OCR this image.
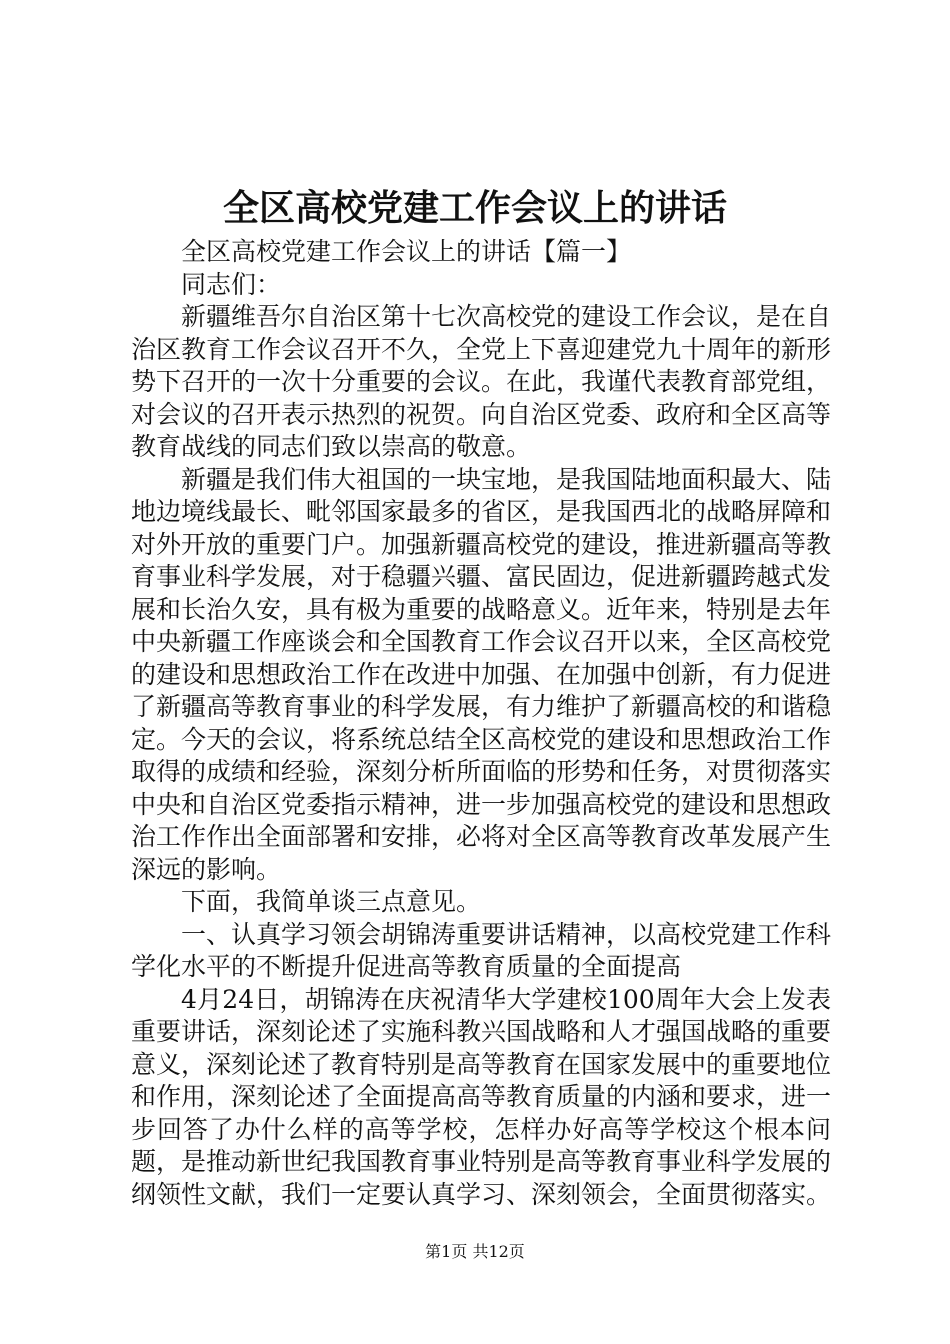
全区高校党建工作会议上的讲话

全区高校党建工作会议上的讲话【篇一】

同志们：

新疆维吾尔自治区第十七次高校党的建设工作会议，是在自治区教育工作会议召开不久，全党上下喜迎建党九十周年的新形势下召开的一次十分重要的会议。在此，我谨代表教育部党组，对会议的召开表示热烈的祝贺。向自治区党委、政府和全区高等教育战线的同志们致以崇高的敬意。

新疆是我们伟大祖国的一块宝地，是我国陆地面积最大、陆地边境线最长、毗邻国家最多的省区，是我国西北的战略屏障和对外开放的重要门户。加强新疆高校党的建设，推进新疆高等教育事业科学发展，对于稳疆兴疆、富民固边，促进新疆跨越式发展和长治久安，具有极为重要的战略意义。近年来，特别是去年中央新疆工作座谈会和全国教育工作会议召开以来，全区高校党的建设和思想政治工作在改进中加强、在加强中创新，有力促进了新疆高等教育事业的科学发展，有力维护了新疆高校的和谐稳定。今天的会议，将系统总结全区高校党的建设和思想政治工作取得的成绩和经验，深刻分析所面临的形势和任务，对贯彻落实中央和自治区党委指示精神，进一步加强高校党的建设和思想政治工作作出全面部署和安排，必将对全区高等教育改革发展产生深远的影响。

下面，我简单谈三点意见。

一、认真学习领会胡锦涛重要讲话精神，以高校党建工作科学化水平的不断提升促进高等教育质量的全面提高

4月24日，胡锦涛在庆祝清华大学建校100周年大会上发表重要讲话，深刻论述了实施科教兴国战略和人才强国战略的重要意义，深刻论述了教育特别是高等教育在国家发展中的重要地位和作用，深刻论述了全面提高高等教育质量的内涵和要求，进一步回答了办什么样的高等学校，怎样办好高等学校这个根本问题，是推动新世纪我国教育事业特别是高等教育事业科学发展的纲领性文献，我们一定要认真学习、深刻领会，全面贯彻落实。

第1页 共12页
